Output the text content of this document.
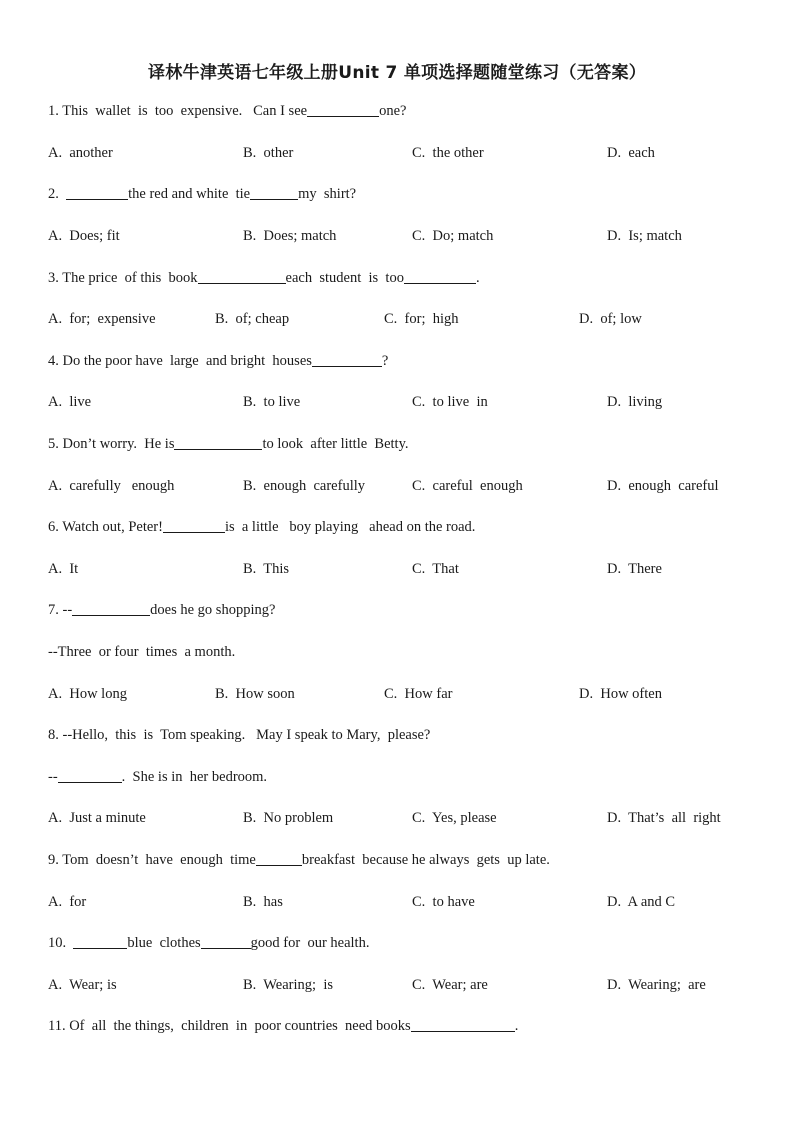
译林牛津英语七年级上册Unit 7 单项选择题随堂练习（无答案）
1. This  wallet  is  too  expensive.   Can I see	one?
A.  another	B.  other	C.  the other	D.  each
2.	the red and white  tie	my  shirt?
A.  Does; fit	B.  Does; match	C.  Do; match	D.  Is; match
3. The price  of this  book	each  student  is  too	.
A.  for;  expensive	B.  of; cheap	C.  for;  high	D.  of; low
4. Do the poor have  large  and bright  houses	?
A.  live	B.  to live	C.  to live  in	D.  living
5. Don’t worry.  He is	to look  after little  Betty.
A.  carefully   enough	B.  enough  carefully	C.  careful  enough	D.  enough  careful
6. Watch out, Peter!	is  a little   boy playing   ahead on the road.
A.  It	B.  This	C.  That	D.  There
7. --	does he go shopping?
--Three  or four  times  a month.
A.  How long	B.  How soon	C.  How far	D.  How often
8. --Hello,  this  is  Tom speaking.   May I speak to Mary,  please?
--	.  She is in  her bedroom.
A.  Just a minute	B.  No problem	C.  Yes, please	D.  That’s  all  right
9. Tom  doesn’t  have  enough  time	breakfast  because he always  gets  up late.
A.  for	B.  has	C.  to have	D.  A and C
10.	blue  clothes	good for  our health.
A.  Wear; is	B.  Wearing;  is	C.  Wear; are	D.  Wearing;  are
11. Of  all  the things,  children  in  poor countries  need books	.
